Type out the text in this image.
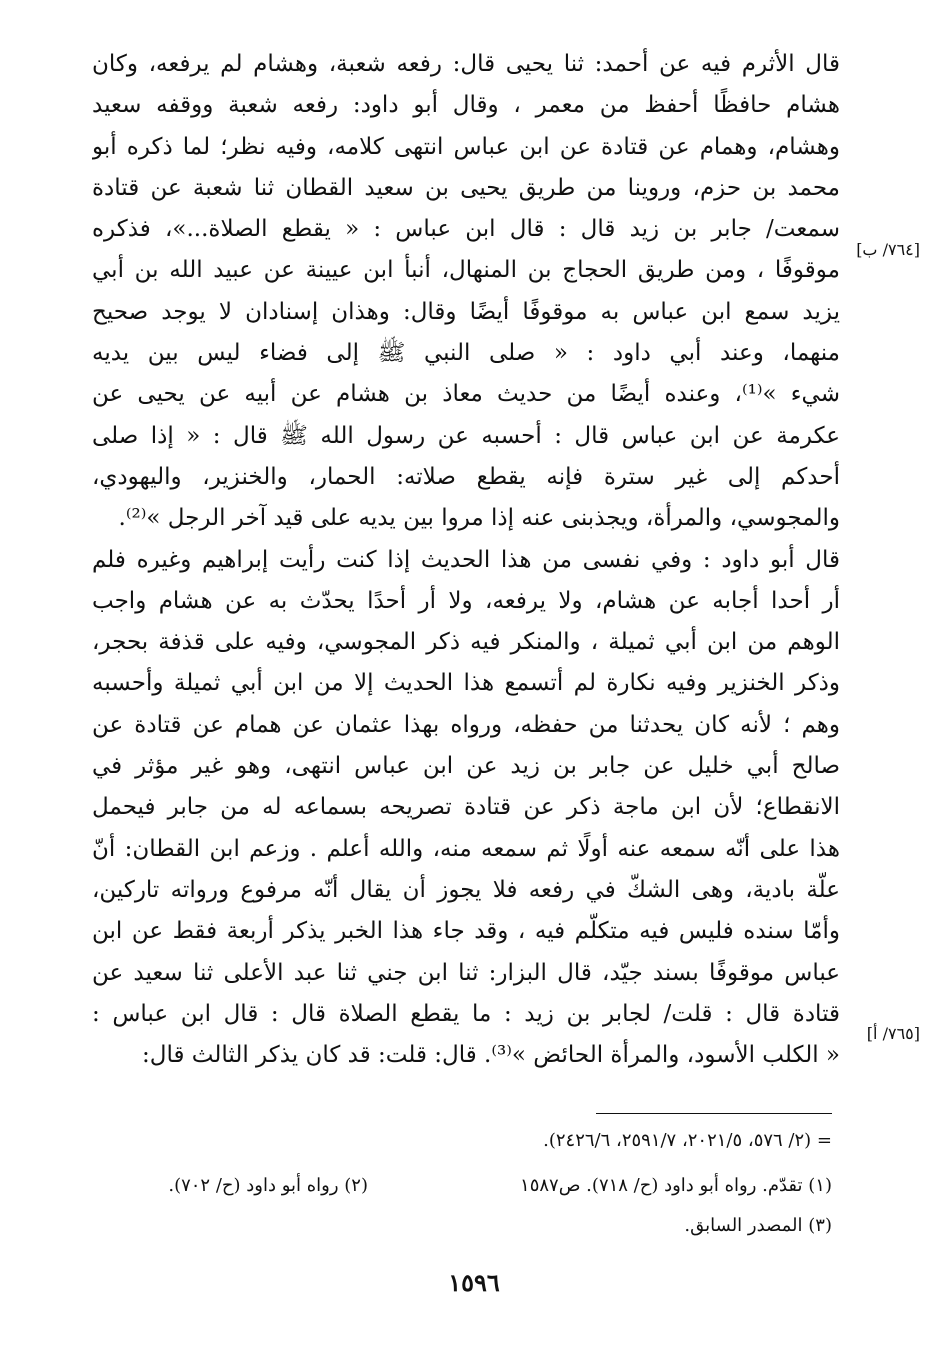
قال الأثرم فيه عن أحمد: ثنا يحيى قال: رفعه شعبة، وهشام لم يرفعه، وكان
هشام حافظًا أحفظ من معمر ، وقال أبو داود: رفعه شعبة ووقفه سعيد
وهشام، وهمام عن قتادة عن ابن عباس انتهى كلامه، وفيه نظر؛ لما ذكره أبو
محمد بن حزم، وروينا من طريق يحيى بن سعيد القطان ثنا شعبة عن قتادة
سمعت/ جابر بن زيد قال : قال ابن عباس : « يقطع الصلاة...»، فذكره
موقوفًا ، ومن طريق الحجاج بن المنهال، أنبأ ابن عيينة عن عبيد الله بن أبي
يزيد سمع ابن عباس به موقوفًا أيضًا وقال: وهذان إسنادان لا يوجد صحيح
منهما، وعند أبي داود : « صلى النبي ﷺ إلى فضاء ليس بين يديه
شيء »⁽¹⁾، وعنده أيضًا من حديث معاذ بن هشام عن أبيه عن يحيى عن
عكرمة عن ابن عباس قال : أحسبه عن رسول الله ﷺ قال : « إذا صلى
أحدكم إلى غير سترة فإنه يقطع صلاته: الحمار، والخنزير، واليهودي،
والمجوسي، والمرأة، ويجذبنى عنه إذا مروا بين يديه على قيد آخر الرجل »⁽²⁾.
قال أبو داود : وفي نفسى من هذا الحديث إذا كنت رأيت إبراهيم وغيره فلم
أر أحدا أجابه عن هشام، ولا يرفعه، ولا أر أحدًا يحدّث به عن هشام واجب
الوهم من ابن أبي ثميلة ، والمنكر فيه ذكر المجوسي، وفيه على قذفة بحجر،
وذكر الخنزير وفيه نكارة لم أتسمع هذا الحديث إلا من ابن أبي ثميلة وأحسبه
وهم ؛ لأنه كان يحدثنا من حفظه، ورواه بهذا عثمان عن همام عن قتادة عن
صالح أبي خليل عن جابر بن زيد عن ابن عباس انتهى، وهو غير مؤثر في
الانقطاع؛ لأن ابن ماجة ذكر عن قتادة تصريحه بسماعه له من جابر فيحمل
هذا على أنّه سمعه عنه أولًا ثم سمعه منه، والله أعلم . وزعم ابن القطان: أنّ
علّة بادية، وهى الشكّ في رفعه فلا يجوز أن يقال أنّه مرفوع ورواته تاركين،
وأمّا سنده فليس فيه متكلّم فيه ، وقد جاء هذا الخبر يذكر أربعة فقط عن ابن
عباس موقوفًا بسند جيّد، قال البزار: ثنا ابن جني ثنا عبد الأعلى ثنا سعيد عن
قتادة قال : قلت/ لجابر بن زيد : ما يقطع الصلاة قال : قال ابن عباس :
« الكلب الأسود، والمرأة الحائض »⁽³⁾. قال: قلت: قد كان يذكر الثالث قال:
[٧٦٤/ ب]
[٧٦٥/ أ]
= (٢/ ٥٧٦، ٢٠٢١/٥، ٢٥٩١/٧، ٢٤٢٦/٦).
(١) تقدّم. رواه أبو داود (ح/ ٧١٨). ص١٥٨٧
(٢) رواه أبو داود (ح/ ٧٠٢).
(٣) المصدر السابق.
١٥٩٦
